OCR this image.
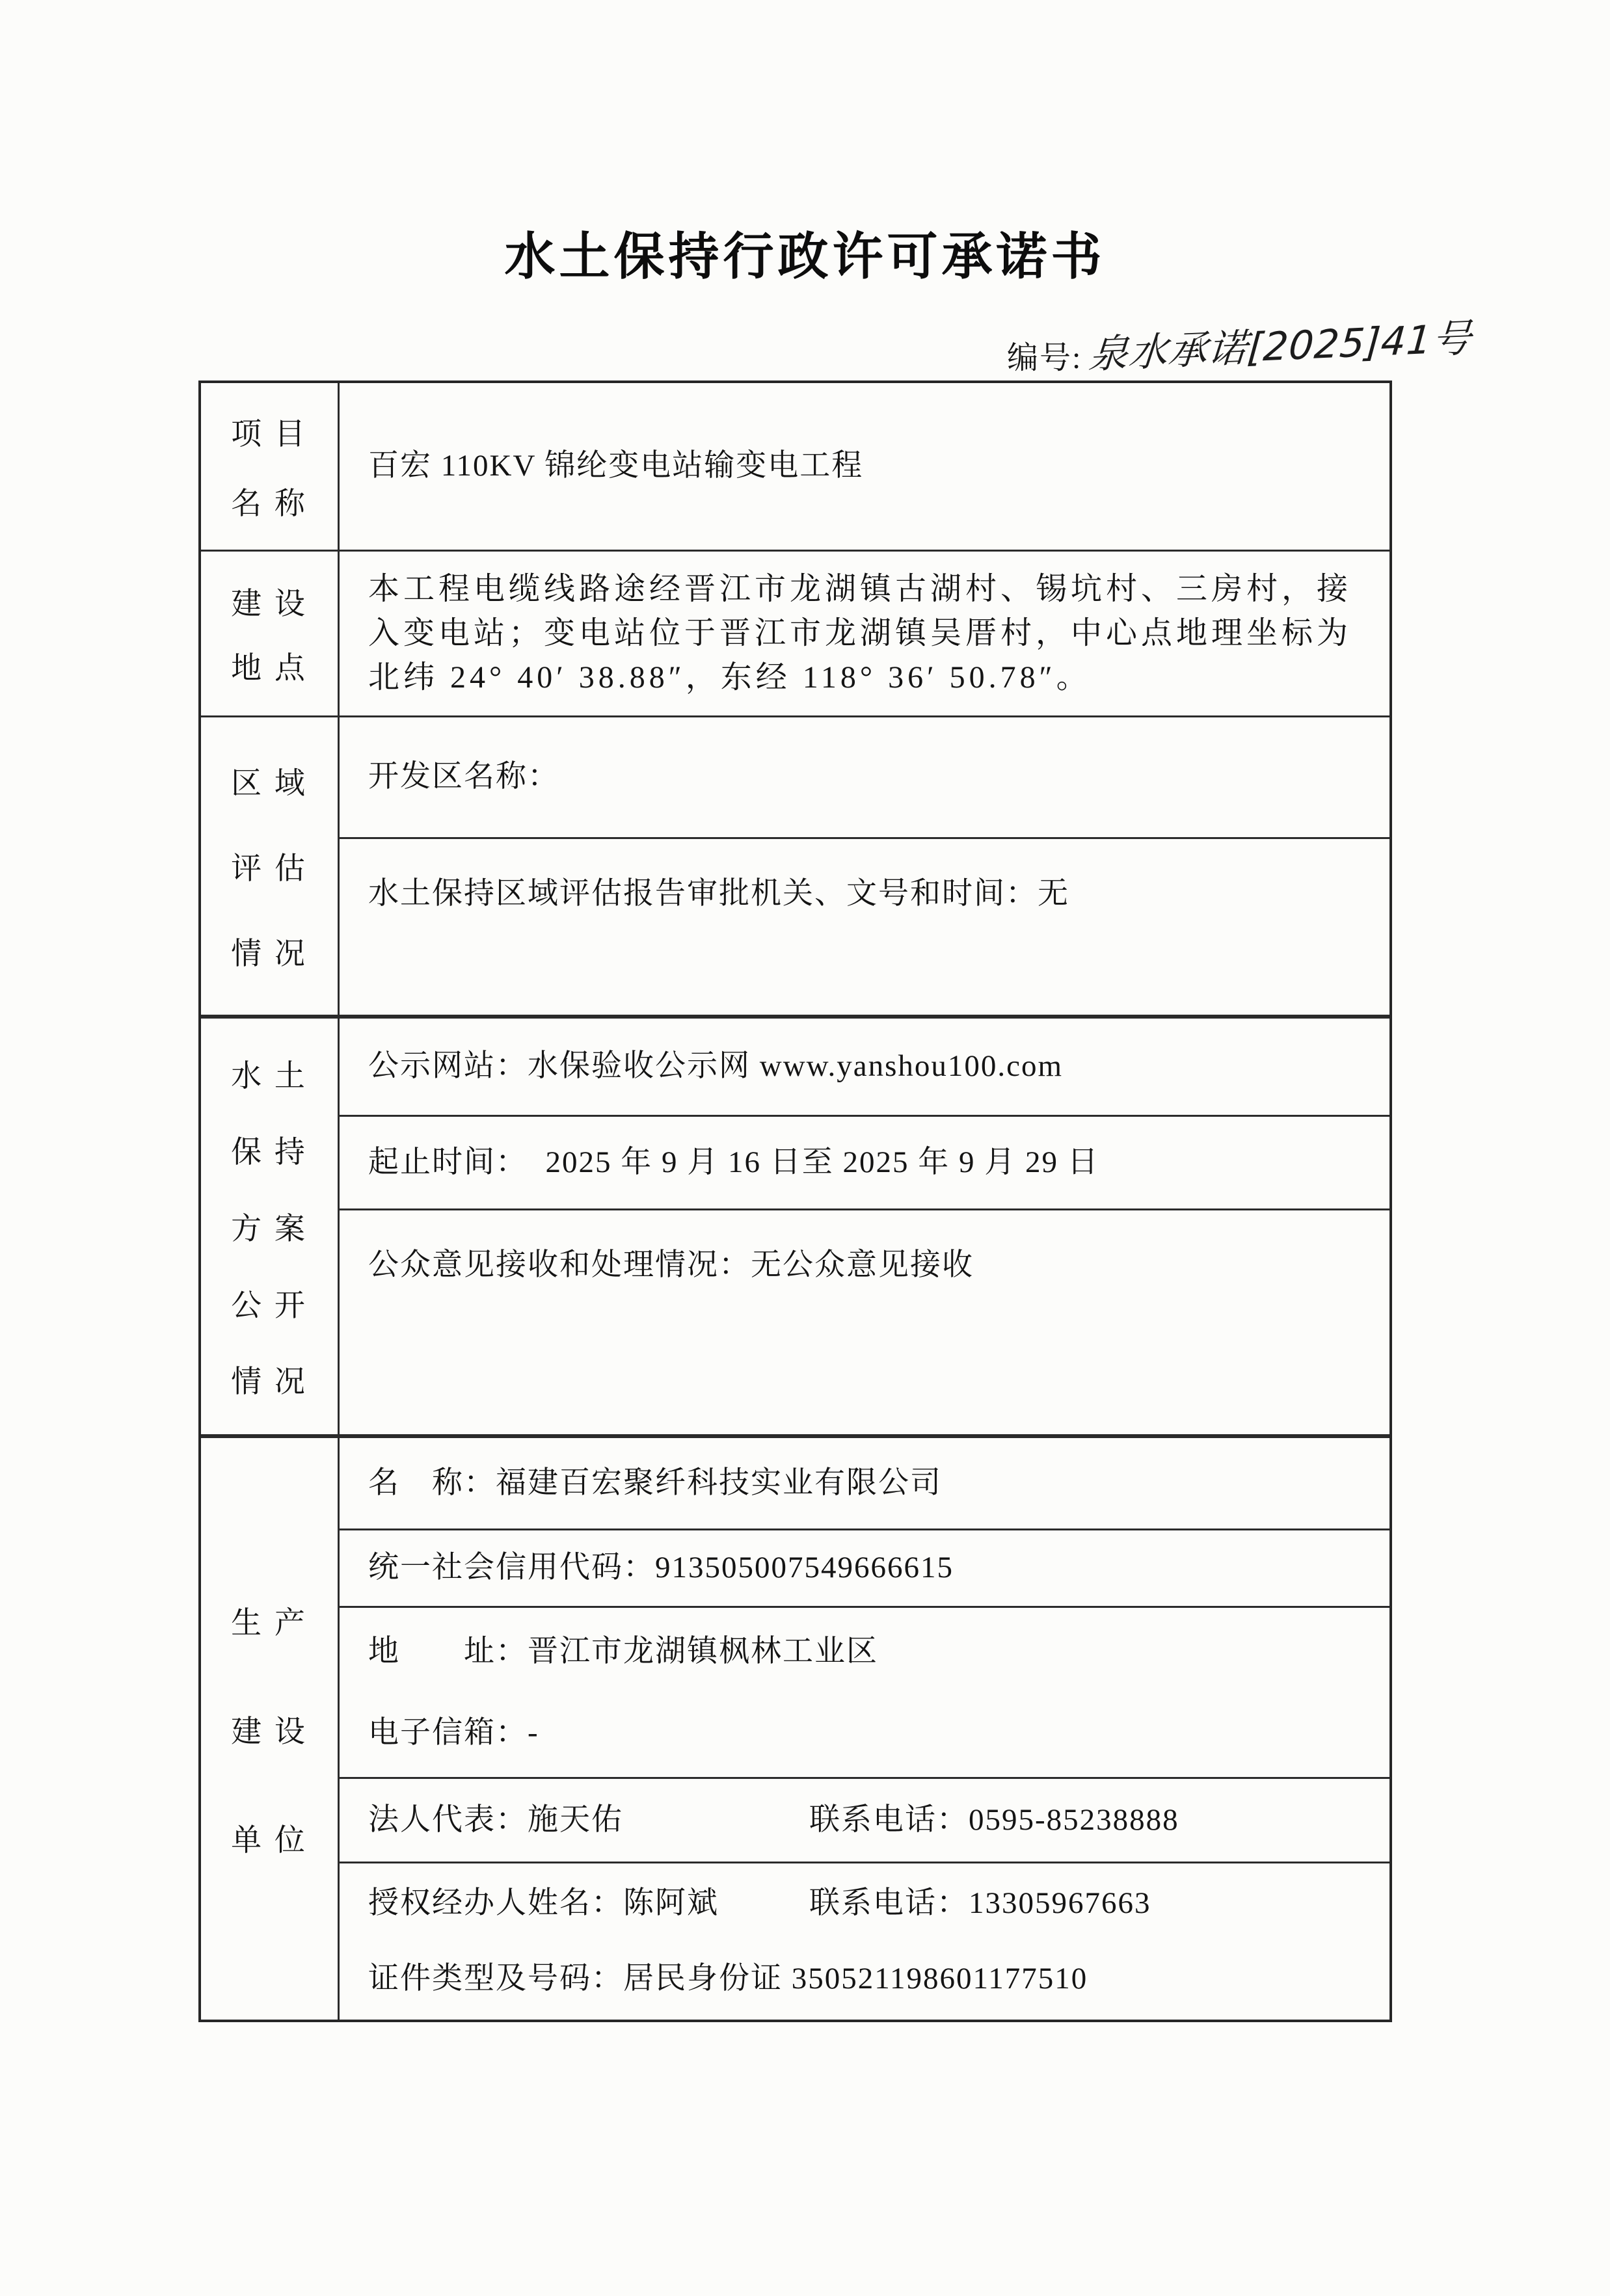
水土保持行政许可承诺书
编号: 泉水承诺[2025]41号
项 目
名 称
百宏 110KV 锦纶变电站输变电工程
建 设
地 点
本工程电缆线路途经晋江市龙湖镇古湖村、锡坑村、三房村，接
入变电站；变电站位于晋江市龙湖镇吴厝村，中心点地理坐标为
北纬 24° 40′ 38.88″，东经 118° 36′ 50.78″。
区 域
评 估
情 况
开发区名称：
水土保持区域评估报告审批机关、文号和时间：无
水 土
保 持
方 案
公 开
情 况
公示网站：水保验收公示网 www.yanshou100.com
起止时间：  2025 年 9 月 16 日至 2025 年 9 月 29 日
公众意见接收和处理情况：无公众意见接收
生 产
建 设
单 位
名　称：福建百宏聚纤科技实业有限公司
统一社会信用代码：913505007549666615
地　　址：晋江市龙湖镇枫林工业区
电子信箱：-
法人代表：施天佑	联系电话：0595-85238888
授权经办人姓名：陈阿斌	联系电话：13305967663
证件类型及号码：居民身份证 350521198601177510
